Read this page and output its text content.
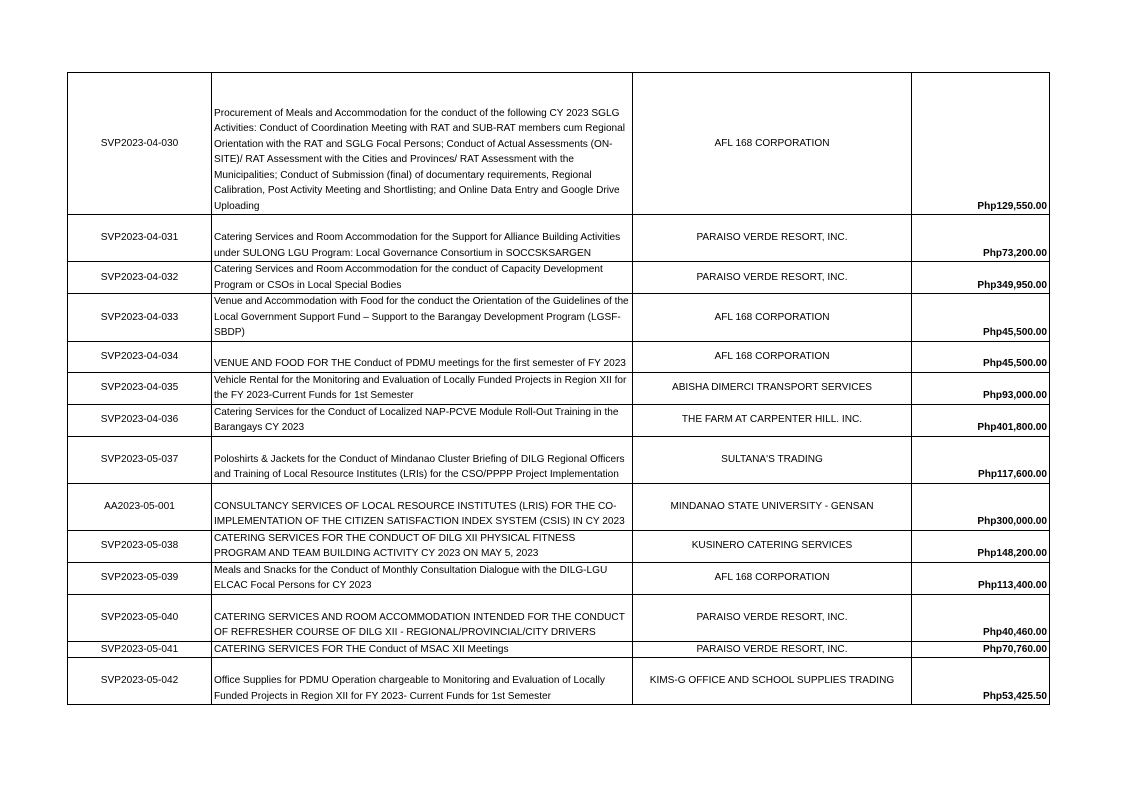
SVP2023-04-030	Procurement of Meals and Accommodation for the conduct of the following CY 2023 SGLG Activities: Conduct of Coordination Meeting with RAT and SUB-RAT members cum Regional Orientation with the RAT and SGLG Focal Persons; Conduct of Actual Assessments (ON-SITE)/ RAT Assessment with the Cities and Provinces/ RAT Assessment with the Municipalities; Conduct of Submission (final) of documentary requirements, Regional Calibration, Post Activity Meeting and Shortlisting; and Online Data Entry and Google Drive Uploading	AFL 168 CORPORATION	Php129,550.00
SVP2023-04-031	Catering Services and Room Accommodation for the Support for Alliance Building Activities under SULONG LGU Program: Local Governance Consortium in SOCCSKSARGEN	PARAISO VERDE RESORT, INC.	Php73,200.00
SVP2023-04-032	Catering Services and Room Accommodation for the conduct of Capacity Development Program or CSOs in Local Special Bodies	PARAISO VERDE RESORT, INC.	Php349,950.00
SVP2023-04-033	Venue and Accommodation with Food for the conduct the Orientation of the Guidelines of the Local Government Support Fund – Support to the Barangay Development Program (LGSF-SBDP)	AFL 168 CORPORATION	Php45,500.00
SVP2023-04-034	VENUE AND FOOD FOR THE Conduct of PDMU meetings for the first semester of FY 2023	AFL 168 CORPORATION	Php45,500.00
SVP2023-04-035	Vehicle Rental for the Monitoring and Evaluation of Locally Funded Projects in Region XII for the FY 2023-Current Funds for 1st Semester	ABISHA DIMERCI TRANSPORT SERVICES	Php93,000.00
SVP2023-04-036	Catering Services for the Conduct of Localized NAP-PCVE Module Roll-Out Training in the Barangays CY 2023	THE FARM AT CARPENTER HILL. INC.	Php401,800.00
SVP2023-05-037	Poloshirts & Jackets for the Conduct of Mindanao Cluster Briefing of DILG Regional Officers and Training of Local Resource Institutes (LRIs) for the CSO/PPPP Project Implementation	SULTANA'S TRADING	Php117,600.00
AA2023-05-001	CONSULTANCY SERVICES OF LOCAL RESOURCE INSTITUTES (LRIS) FOR THE CO-IMPLEMENTATION OF THE CITIZEN SATISFACTION INDEX SYSTEM (CSIS) IN CY 2023	MINDANAO STATE UNIVERSITY - GENSAN	Php300,000.00
SVP2023-05-038	CATERING SERVICES FOR THE CONDUCT OF DILG XII PHYSICAL FITNESS PROGRAM AND TEAM BUILDING ACTIVITY CY 2023 ON MAY 5, 2023	KUSINERO CATERING SERVICES	Php148,200.00
SVP2023-05-039	Meals and Snacks for the Conduct of Monthly Consultation Dialogue with the DILG-LGU ELCAC Focal Persons for CY 2023	AFL 168 CORPORATION	Php113,400.00
SVP2023-05-040	CATERING SERVICES AND ROOM ACCOMMODATION INTENDED FOR THE CONDUCT OF REFRESHER COURSE OF DILG XII - REGIONAL/PROVINCIAL/CITY DRIVERS	PARAISO VERDE RESORT, INC.	Php40,460.00
SVP2023-05-041	CATERING SERVICES FOR THE Conduct of MSAC XII Meetings	PARAISO VERDE RESORT, INC.	Php70,760.00
SVP2023-05-042	Office Supplies for PDMU Operation chargeable to Monitoring and Evaluation of Locally Funded Projects in Region XII for FY 2023- Current Funds for 1st Semester	KIMS-G OFFICE AND SCHOOL SUPPLIES TRADING	Php53,425.50
